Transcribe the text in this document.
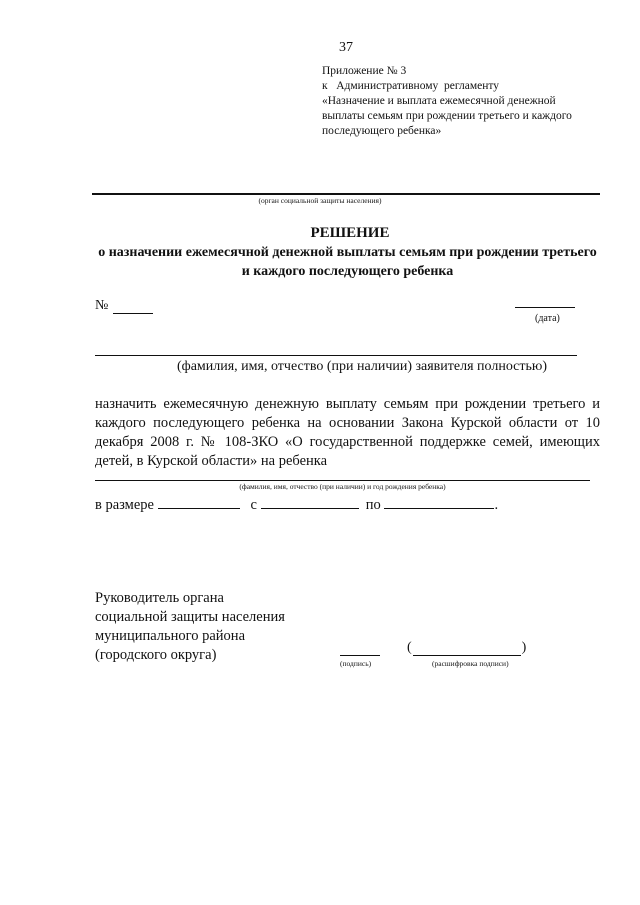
37
Приложение № 3
к   Административному  регламенту
«Назначение и выплата ежемесячной денежной
выплаты семьям при рождении третьего и каждого
последующего ребенка»
(орган социальной защиты населения)
РЕШЕНИЕ
о назначении ежемесячной денежной выплаты семьям при рождении третьего и каждого последующего ребенка
№
(дата)
(фамилия, имя, отчество (при наличии) заявителя полностью)
назначить ежемесячную денежную выплату семьям при рождении третьего и каждого последующего ребенка на основании Закона Курской области от 10 декабря 2008 г. № 108-ЗКО «О государственной поддержке семей, имеющих детей, в Курской области» на ребенка
(фамилия, имя, отчество (при наличии) и год рождения ребенка)
в размере	с	по	.
Руководитель органа
социальной защиты населения
муниципального района
(городского округа)
(подпись)
(	)
(расшифровка подписи)
